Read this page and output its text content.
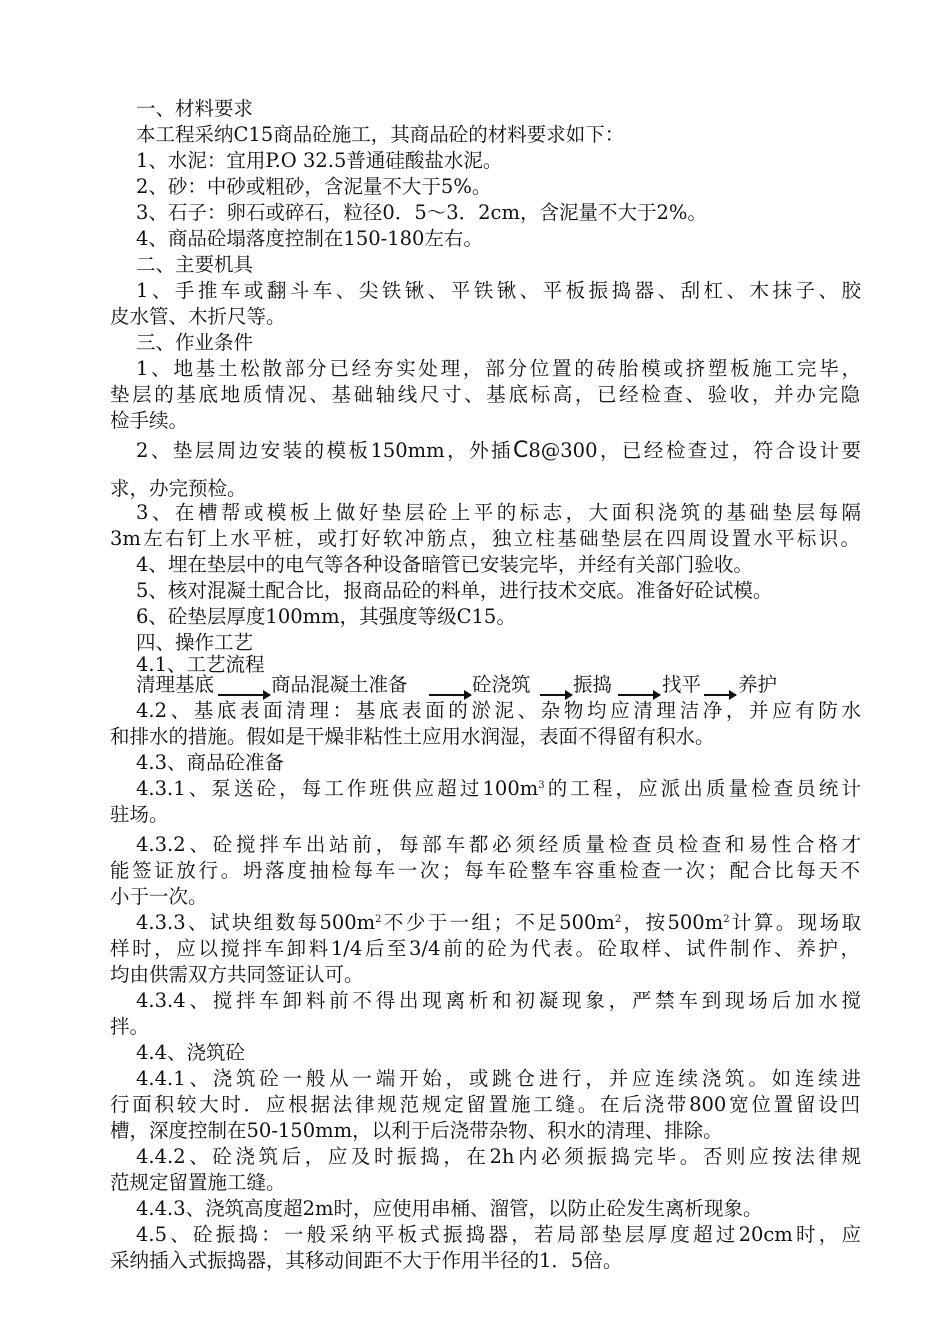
一、材料要求
本工程采纳C15商品砼施工，其商品砼的材料要求如下：
1、水泥：宜用P.O 32.5普通硅酸盐水泥。
2、砂：中砂或粗砂，含泥量不大于5%。
3、石子：卵石或碎石，粒径0．5～3．2cm，含泥量不大于2%。
4、商品砼塌落度控制在150-180左右。
二、主要机具
1、手推车或翻斗车、尖铁锹、平铁锹、平板振捣器、刮杠、木抹子、胶
皮水管、木折尺等。
三、作业条件
1、地基土松散部分已经夯实处理，部分位置的砖胎模或挤塑板施工完毕，
垫层的基底地质情况、基础轴线尺寸、基底标高，已经检查、验收，并办完隐
检手续。
2、垫层周边安装的模板150mm，外插C8@300，已经检查过，符合设计要
求，办完预检。
3、在槽帮或模板上做好垫层砼上平的标志，大面积浇筑的基础垫层每隔
3m左右钉上水平桩，或打好软冲筋点，独立柱基础垫层在四周设置水平标识。
4、埋在垫层中的电气等各种设备暗管已安装完毕，并经有关部门验收。
5、核对混凝土配合比，报商品砼的料单，进行技术交底。准备好砼试模。
6、砼垫层厚度100mm，其强度等级C15。
四、操作工艺
4.1、工艺流程
清理基底	商品混凝土准备	砼浇筑 振捣	找平 养护
4.2、基底表面清理：基底表面的淤泥、杂物均应清理洁净，并应有防水
和排水的措施。假如是干燥非粘性土应用水润湿，表面不得留有积水。
4.3、商品砼准备
4.3.1、泵送砼，每工作班供应超过$100m^3$的工程，应派出质量检查员统计
驻场。
4.3.2、砼搅拌车出站前，每部车都必须经质量检查员检查和易性合格才
能签证放行。坍落度抽检每车一次；每车砼整车容重检查一次；配合比每天不
小于一次。
4.3.3、试块组数每$500m^2$不少于一组；不足$500m^2$，按$500m^2$计算。现场取
样时，应以搅拌车卸料1/4后至3/4前的砼为代表。砼取样、试件制作、养护，
均由供需双方共同签证认可。
4.3.4、搅拌车卸料前不得出现离析和初凝现象，严禁车到现场后加水搅
拌。
4.4、浇筑砼
4.4.1、浇筑砼一般从一端开始，或跳仓进行，并应连续浇筑。如连续进
行面积较大时．应根据法律规范规定留置施工缝。在后浇带800宽位置留设凹
槽，深度控制在50-150mm，以利于后浇带杂物、积水的清理、排除。
4.4.2、砼浇筑后，应及时振捣，在2h内必须振捣完毕。否则应按法律规
范规定留置施工缝。
4.4.3、浇筑高度超2m时，应使用串桶、溜管，以防止砼发生离析现象。
4.5、砼振捣：一般采纳平板式振捣器，若局部垫层厚度超过20cm时，应
采纳插入式振捣器，其移动间距不大于作用半径的1．5倍。
